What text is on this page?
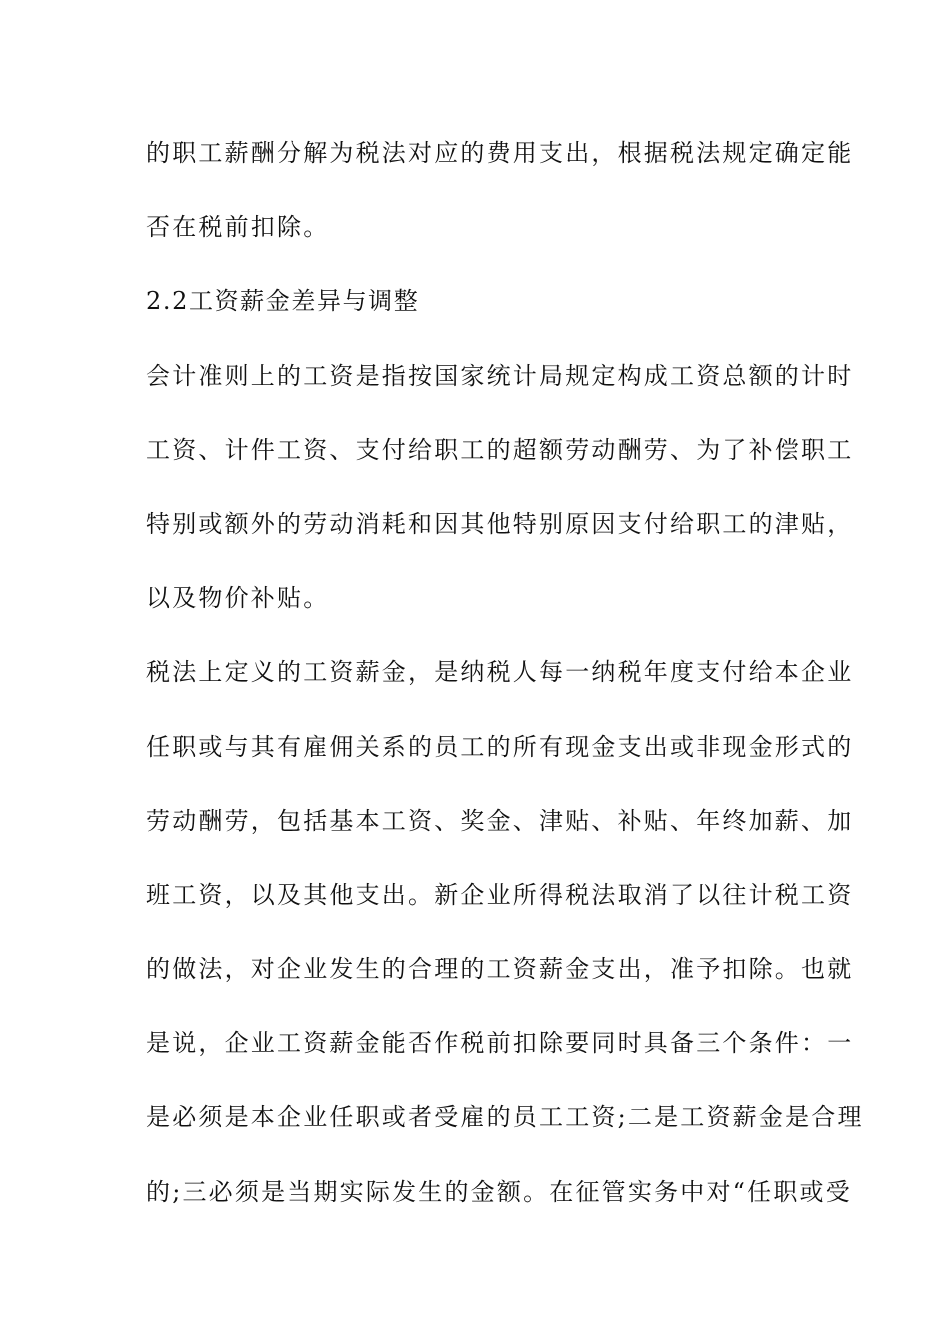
的职工薪酬分解为税法对应的费用支出，根据税法规定确定能
否在税前扣除。
2.2工资薪金差异与调整
会计准则上的工资是指按国家统计局规定构成工资总额的计时
工资、计件工资、支付给职工的超额劳动酬劳、为了补偿职工
特别或额外的劳动消耗和因其他特别原因支付给职工的津贴，
以及物价补贴。
税法上定义的工资薪金，是纳税人每一纳税年度支付给本企业
任职或与其有雇佣关系的员工的所有现金支出或非现金形式的
劳动酬劳，包括基本工资、奖金、津贴、补贴、年终加薪、加
班工资，以及其他支出。新企业所得税法取消了以往计税工资
的做法，对企业发生的合理的工资薪金支出，准予扣除。也就
是说，企业工资薪金能否作税前扣除要同时具备三个条件：一
是必须是本企业任职或者受雇的员工工资;二是工资薪金是合理
的;三必须是当期实际发生的金额。在征管实务中对“任职或受
